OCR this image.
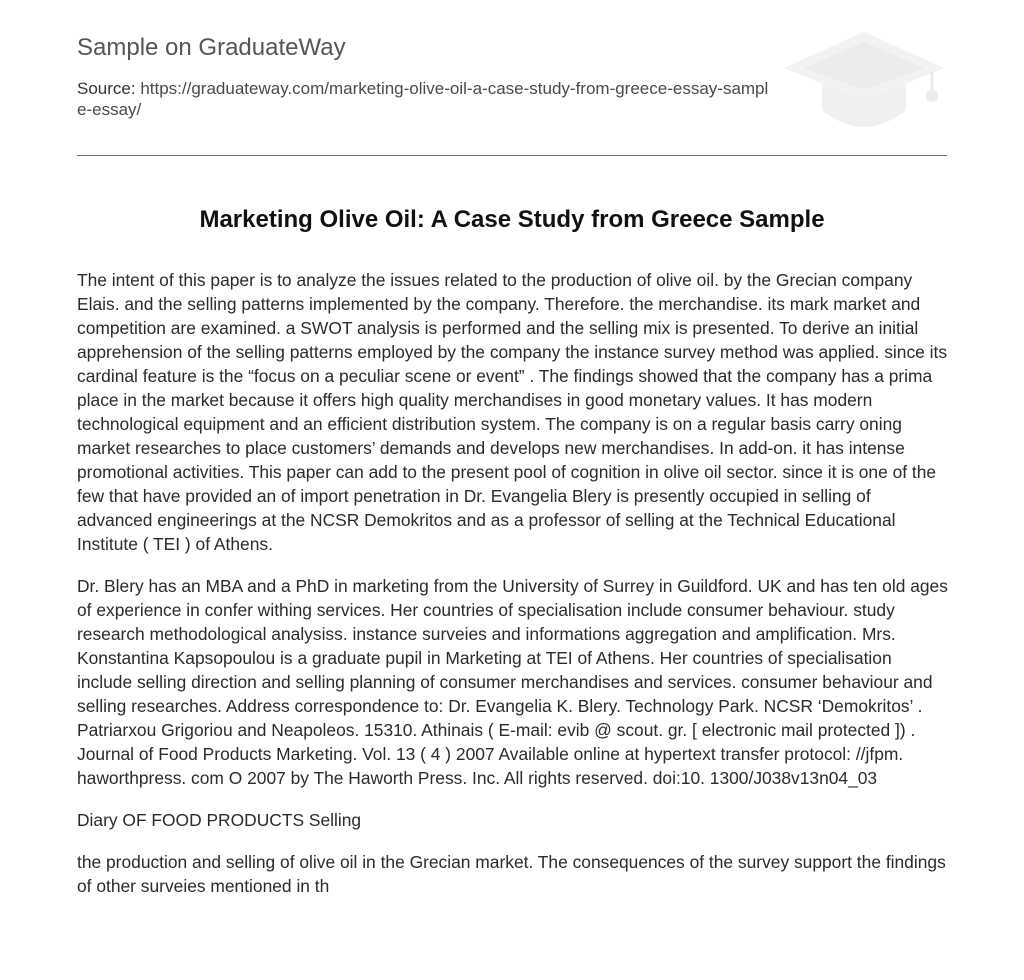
Sample on GraduateWay
Source: https://graduateway.com/marketing-olive-oil-a-case-study-from-greece-essay-sample-essay/
Marketing Olive Oil: A Case Study from Greece Sample

The intent of this paper is to analyze the issues related to the production of olive oil. by the Grecian company Elais. and the selling patterns implemented by the company. Therefore. the merchandise. its mark market and competition are examined. a SWOT analysis is performed and the selling mix is presented. To derive an initial apprehension of the selling patterns employed by the company the instance survey method was applied. since its cardinal feature is the “focus on a peculiar scene or event” . The findings showed that the company has a prima place in the market because it offers high quality merchandises in good monetary values. It has modern technological equipment and an efficient distribution system. The company is on a regular basis carry oning market researches to place customers’ demands and develops new merchandises. In add-on. it has intense promotional activities. This paper can add to the present pool of cognition in olive oil sector. since it is one of the few that have provided an of import penetration in Dr. Evangelia Blery is presently occupied in selling of advanced engineerings at the NCSR Demokritos and as a professor of selling at the Technical Educational Institute ( TEI ) of Athens.

Dr. Blery has an MBA and a PhD in marketing from the University of Surrey in Guildford. UK and has ten old ages of experience in confer withing services. Her countries of specialisation include consumer behaviour. study research methodological analysiss. instance surveies and informations aggregation and amplification. Mrs. Konstantina Kapsopoulou is a graduate pupil in Marketing at TEI of Athens. Her countries of specialisation include selling direction and selling planning of consumer merchandises and services. consumer behaviour and selling researches. Address correspondence to: Dr. Evangelia K. Blery. Technology Park. NCSR ‘Demokritos’ . Patriarxou Grigoriou and Neapoleos. 15310. Athinais ( E-mail: evib @ scout. gr. [ electronic mail protected ]) . Journal of Food Products Marketing. Vol. 13 ( 4 ) 2007 Available online at hypertext transfer protocol: //jfpm. haworthpress. com O 2007 by The Haworth Press. Inc. All rights reserved. doi:10. 1300/J038v13n04_03

Diary OF FOOD PRODUCTS Selling

the production and selling of olive oil in the Grecian market. The consequences of the survey support the findings of other surveies mentioned in th
